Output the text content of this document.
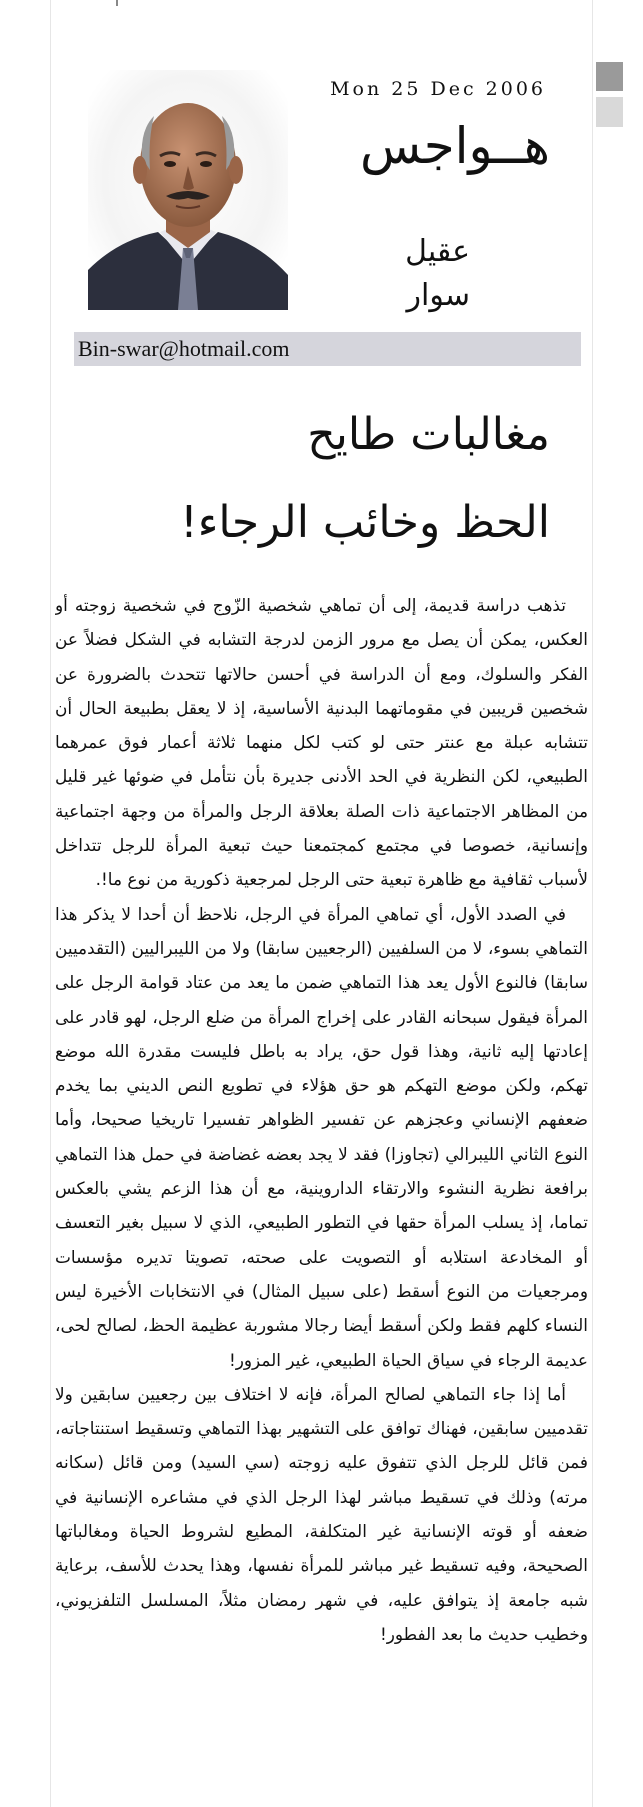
Mon 25 Dec 2006
هــواجس
عقيل سوار
Bin-swar@hotmail.com
مغالبات طايح
الحظ وخائب الرجاء!

تذهب دراسة قديمة، إلى أن تماهي شخصية الزّوج في شخصية زوجته أو العكس، يمكن أن يصل مع مرور الزمن لدرجة التشابه في الشكل فضلاً عن الفكر والسلوك، ومع أن الدراسة في أحسن حالاتها تتحدث بالضرورة عن شخصين قريبين في مقوماتهما البدنية الأساسية، إذ لا يعقل بطبيعة الحال أن تتشابه عبلة مع عنتر حتى لو كتب لكل منهما ثلاثة أعمار فوق عمرهما الطبيعي، لكن النظرية في الحد الأدنى جديرة بأن نتأمل في ضوئها غير قليل من المظاهر الاجتماعية ذات الصلة بعلاقة الرجل والمرأة من وجهة اجتماعية وإنسانية، خصوصا في مجتمع كمجتمعنا حيث تبعية المرأة للرجل تتداخل لأسباب ثقافية مع ظاهرة تبعية حتى الرجل لمرجعية ذكورية من نوع ما!.

في الصدد الأول، أي تماهي المرأة في الرجل، نلاحظ أن أحدا لا يذكر هذا التماهي بسوء، لا من السلفيين (الرجعيين سابقا) ولا من الليبراليين (التقدميين سابقا) فالنوع الأول يعد هذا التماهي ضمن ما يعد من عتاد قوامة الرجل على المرأة فيقول سبحانه القادر على إخراج المرأة من ضلع الرجل، لهو قادر على إعادتها إليه ثانية، وهذا قول حق، يراد به باطل فليست مقدرة الله موضع تهكم، ولكن موضع التهكم هو حق هؤلاء في تطويع النص الديني بما يخدم ضعفهم الإنساني وعجزهم عن تفسير الظواهر تفسيرا تاريخيا صحيحا، وأما النوع الثاني الليبرالي (تجاوزا) فقد لا يجد بعضه غضاضة في حمل هذا التماهي برافعة نظرية النشوء والارتقاء الداروينية، مع أن هذا الزعم يشي بالعكس تماما، إذ يسلب المرأة حقها في التطور الطبيعي، الذي لا سبيل بغير التعسف أو المخادعة استلابه أو التصويت على صحته، تصويتا تديره مؤسسات ومرجعيات من النوع أسقط (على سبيل المثال) في الانتخابات الأخيرة ليس النساء كلهم فقط ولكن أسقط أيضا رجالا مشوربة عظيمة الحظ، لصالح لحى، عديمة الرجاء في سياق الحياة الطبيعي، غير المزور!

أما إذا جاء التماهي لصالح المرأة، فإنه لا اختلاف بين رجعيين سابقين ولا تقدميين سابقين، فهناك توافق على التشهير بهذا التماهي وتسقيط استنتاجاته، فمن قائل للرجل الذي تتفوق عليه زوجته (سي السيد) ومن قائل (سكانه مرته) وذلك في تسقيط مباشر لهذا الرجل الذي في مشاعره الإنسانية في ضعفه أو قوته الإنسانية غير المتكلفة، المطيع لشروط الحياة ومغالباتها الصحيحة، وفيه تسقيط غير مباشر للمرأة نفسها، وهذا يحدث للأسف، برعاية شبه جامعة إذ يتوافق عليه، في شهر رمضان مثلاً، المسلسل التلفزيوني، وخطيب حديث ما بعد الفطور!
